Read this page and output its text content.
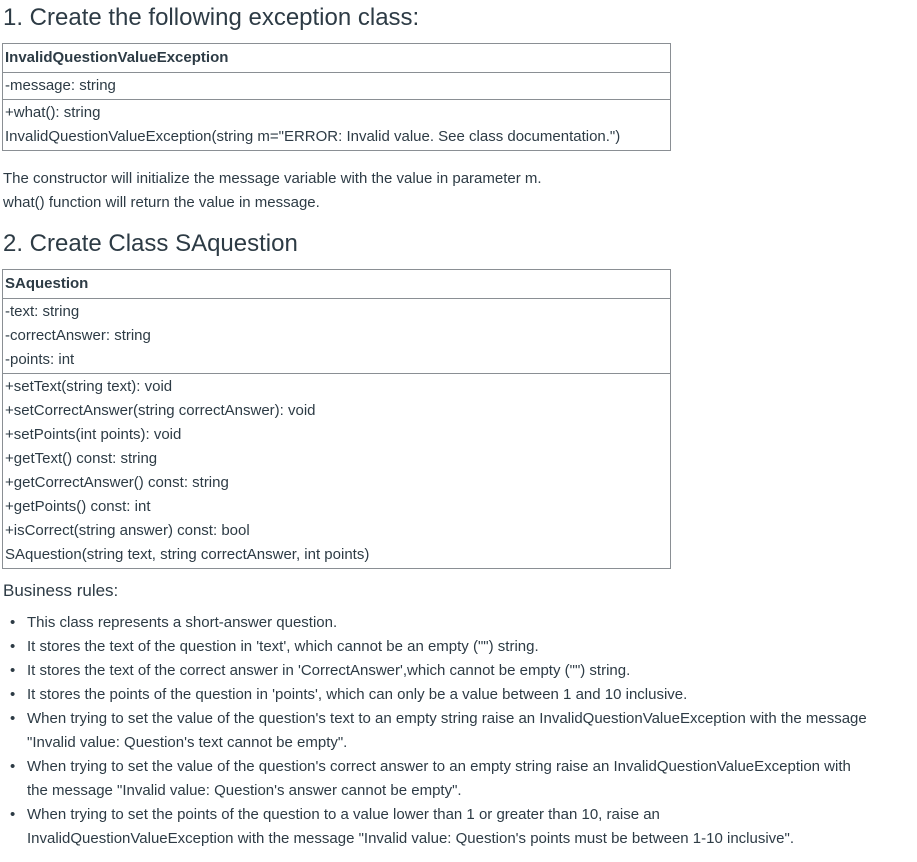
1. Create the following exception class:
InvalidQuestionValueException

-message: string

+what(): string
InvalidQuestionValueException(string m="ERROR: Invalid value. See class documentation.")
The constructor will initialize the message variable with the value in parameter m.
what() function will return the value in message.
2. Create Class SAquestion
SAquestion

-text: string
-correctAnswer: string
-points: int

+setText(string text): void
+setCorrectAnswer(string correctAnswer): void
+setPoints(int points): void
+getText() const: string
+getCorrectAnswer() const: string
+getPoints() const: int
+isCorrect(string answer) const: bool
SAquestion(string text, string correctAnswer, int points)
Business rules:
• This class represents a short-answer question.
• It stores the text of the question in 'text', which cannot be an empty ("") string.
• It stores the text of the correct answer in 'CorrectAnswer',which cannot be empty ("") string.
• It stores the points of the question in 'points', which can only be a value between 1 and 10 inclusive.
• When trying to set the value of the question's text to an empty string raise an InvalidQuestionValueException with the message "Invalid value: Question's text cannot be empty".
• When trying to set the value of the question's correct answer to an empty string raise an InvalidQuestionValueException with the message "Invalid value: Question's answer cannot be empty".
• When trying to set the points of the question to a value lower than 1 or greater than 10, raise an InvalidQuestionValueException with the message "Invalid value: Question's points must be between 1-10 inclusive".
